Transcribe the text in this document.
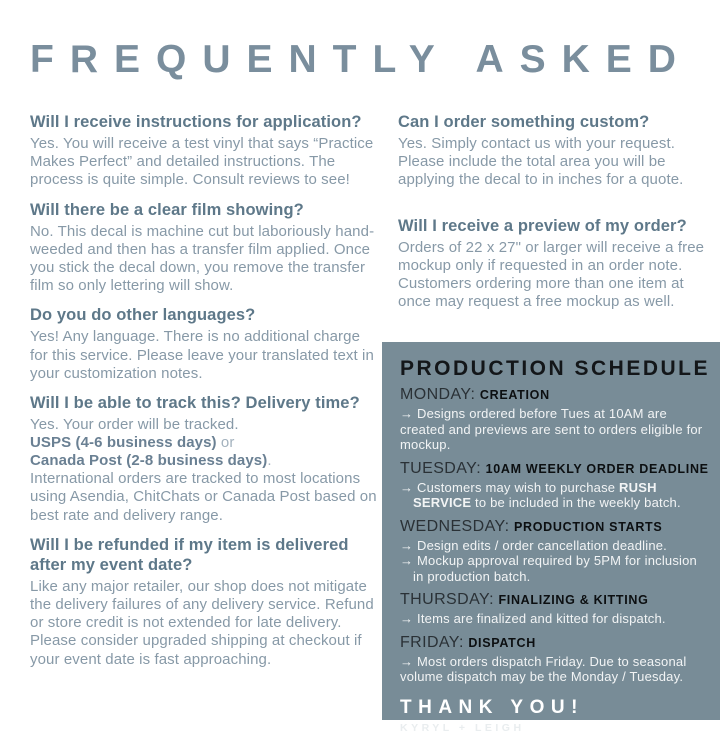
FREQUENTLY ASKED
Will I receive instructions for application?
Yes. You will receive a test vinyl that says “Practice Makes Perfect” and detailed instructions. The process is quite simple. Consult reviews to see!
Will there be a clear film showing?
No. This decal is machine cut but laboriously hand-weeded and then has a transfer film applied. Once you stick the decal down, you remove the transfer film so only lettering will show.
Do you do other languages?
Yes! Any language. There is no additional charge for this service. Please leave your translated text in your customization notes.
Will I be able to track this? Delivery time?
Yes. Your order will be tracked.
USPS (4-6 business days) or
Canada Post (2-8 business days).
International orders are tracked to most locations using Asendia, ChitChats or Canada Post based on best rate and delivery range.
Will I be refunded if my item is delivered after my event date?
Like any major retailer, our shop does not mitigate the delivery failures of any delivery service. Refund or store credit is not extended for late delivery. Please consider upgraded shipping at checkout if your event date is fast approaching.
Can I order something custom?
Yes. Simply contact us with your request. Please include the total area you will be applying the decal to in inches for a quote.
Will I receive a preview of my order?
Orders of 22 x 27" or larger will receive a free mockup only if requested in an order note. Customers ordering more than one item at once may request a free mockup as well.
PRODUCTION SCHEDULE
MONDAY: CREATION
→ Designs ordered before Tues at 10AM are created and previews are sent to orders eligible for mockup.
TUESDAY: 10AM WEEKLY ORDER DEADLINE
→ Customers may wish to purchase RUSH SERVICE to be included in the weekly batch.
WEDNESDAY: PRODUCTION STARTS
→ Design edits / order cancellation deadline.
→ Mockup approval required by 5PM for inclusion in production batch.
THURSDAY: FINALIZING & KITTING
→ Items are finalized and kitted for dispatch.
FRIDAY: DISPATCH
→ Most orders dispatch Friday. Due to seasonal volume dispatch may be the Monday / Tuesday.
THANK YOU!
KYRYL + LEIGH
